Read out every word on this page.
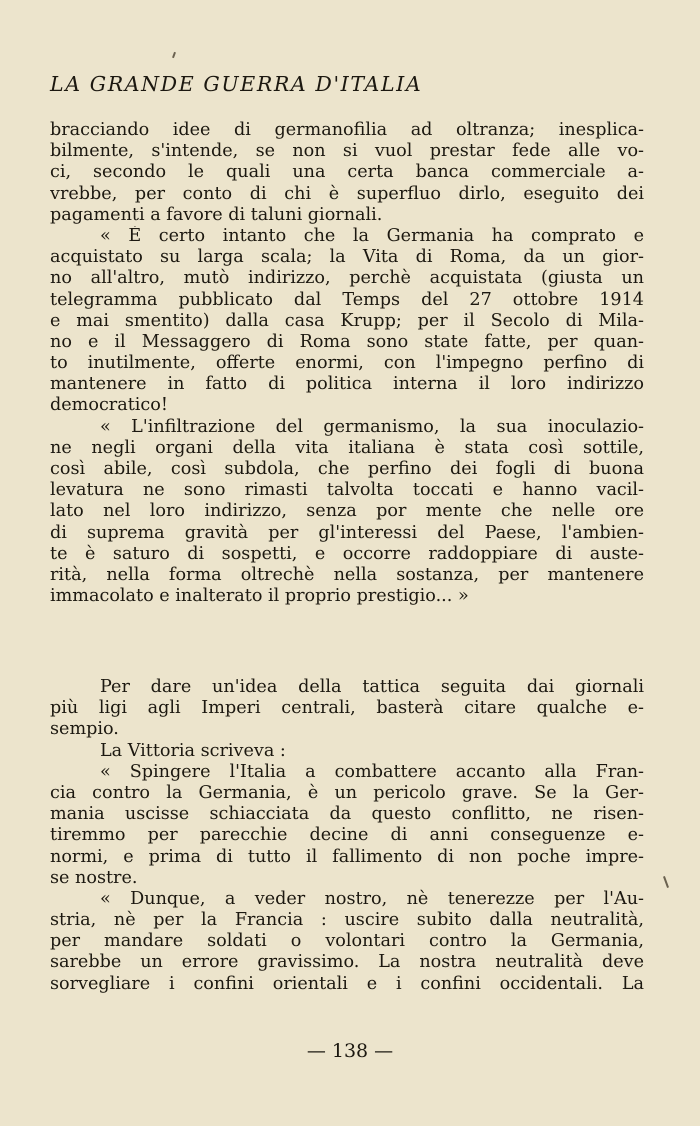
LA GRANDE GUERRA D'ITALIA
bracciando idee di germanofilia ad oltranza; inesplica-
bilmente, s'intende, se non si vuol prestar fede alle vo-
ci, secondo le quali una certa banca commerciale a-
vrebbe, per conto di chi è superfluo dirlo, eseguito dei
pagamenti a favore di taluni giornali.
« È certo intanto che la Germania ha comprato e
acquistato su larga scala; la Vita di Roma, da un gior-
no all'altro, mutò indirizzo, perchè acquistata (giusta un
telegramma pubblicato dal Temps del 27 ottobre 1914
e mai smentito) dalla casa Krupp; per il Secolo di Mila-
no e il Messaggero di Roma sono state fatte, per quan-
to inutilmente, offerte enormi, con l'impegno perfino di
mantenere in fatto di politica interna il loro indirizzo
democratico!
« L'infiltrazione del germanismo, la sua inoculazio-
ne negli organi della vita italiana è stata così sottile,
così abile, così subdola, che perfino dei fogli di buona
levatura ne sono rimasti talvolta toccati e hanno vacil-
lato nel loro indirizzo, senza por mente che nelle ore
di suprema gravità per gl'interessi del Paese, l'ambien-
te è saturo di sospetti, e occorre raddoppiare di auste-
rità, nella forma oltrechè nella sostanza, per mantenere
immacolato e inalterato il proprio prestigio... »
Per dare un'idea della tattica seguita dai giornali
più ligi agli Imperi centrali, basterà citare qualche e-
sempio.
La Vittoria scriveva :
« Spingere l'Italia a combattere accanto alla Fran-
cia contro la Germania, è un pericolo grave. Se la Ger-
mania uscisse schiacciata da questo conflitto, ne risen-
tiremmo per parecchie decine di anni conseguenze e-
normi, e prima di tutto il fallimento di non poche impre-
se nostre.
« Dunque, a veder nostro, nè tenerezze per l'Au-
stria, nè per la Francia : uscire subito dalla neutralità,
per mandare soldati o volontari contro la Germania,
sarebbe un errore gravissimo. La nostra neutralità deve
sorvegliare i confini orientali e i confini occidentali. La
— 138 —
